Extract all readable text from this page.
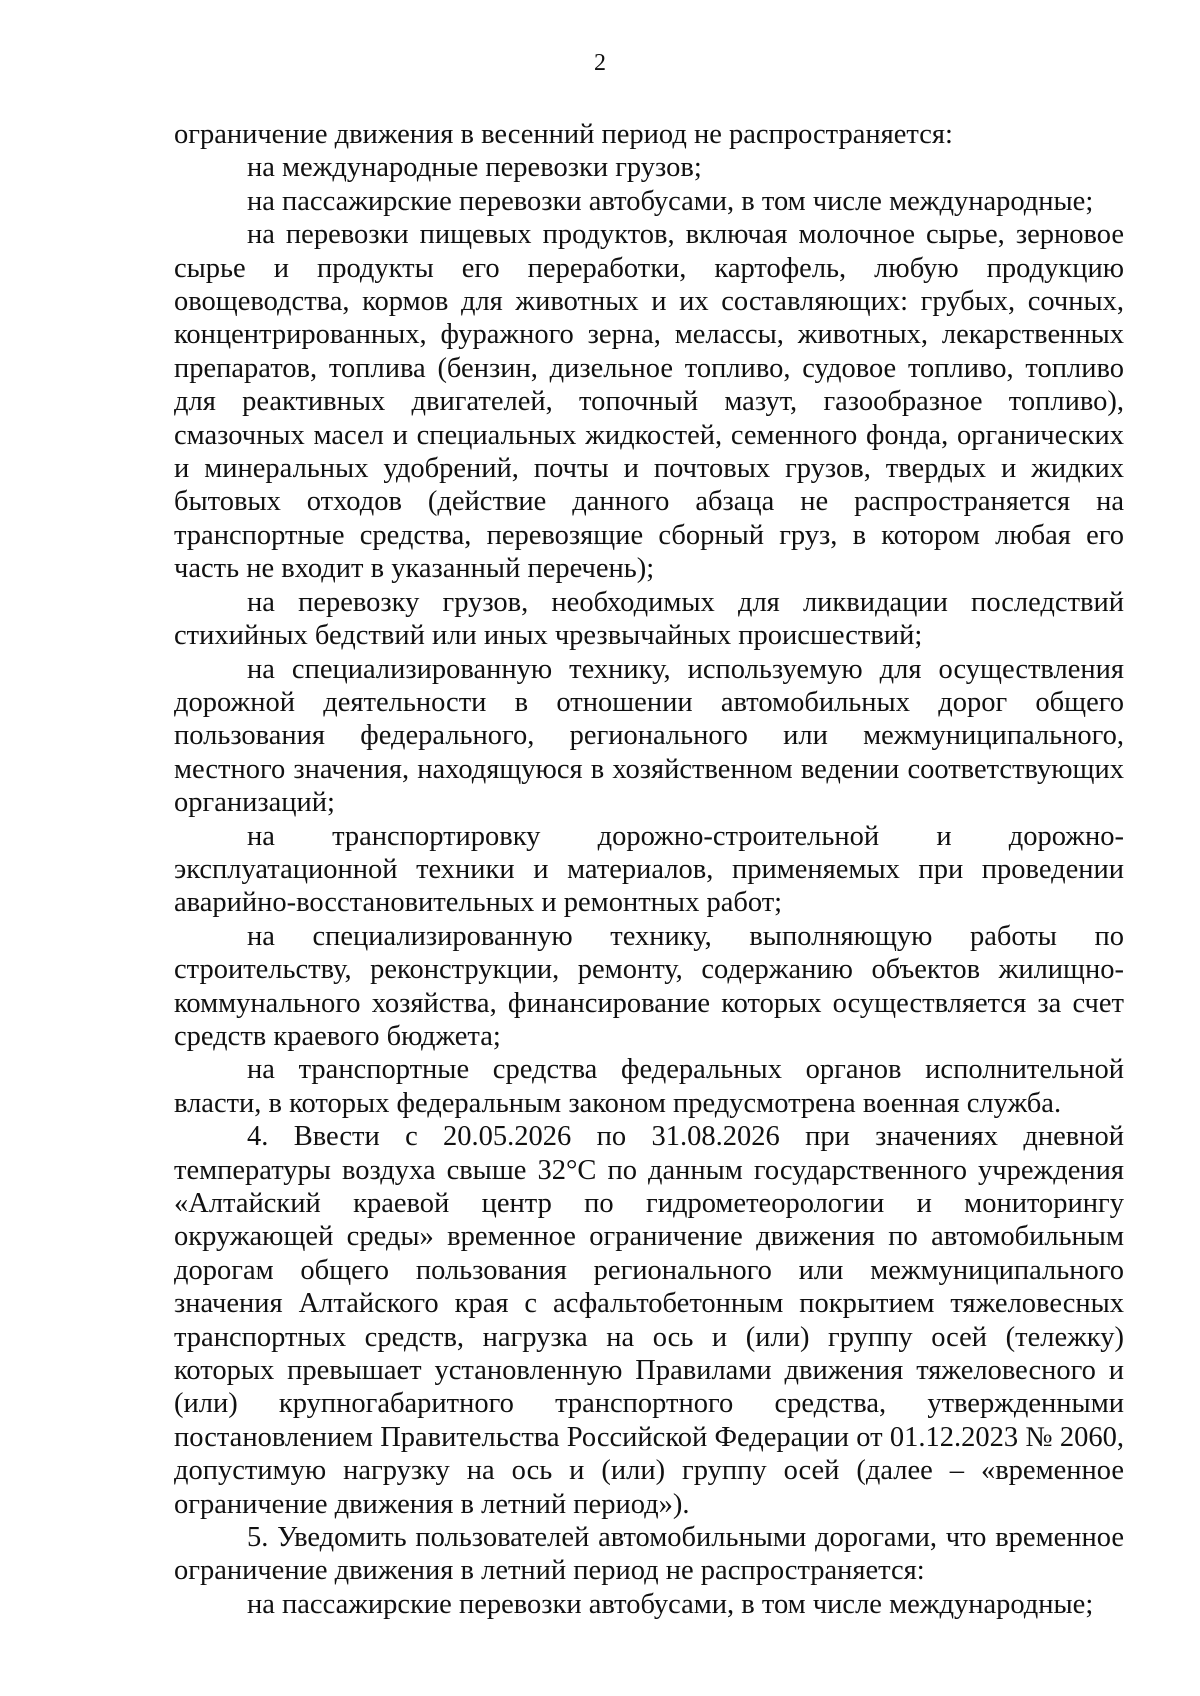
2

ограничение движения в весенний период не распространяется:

на международные перевозки грузов;

на пассажирские перевозки автобусами, в том числе международные;

на перевозки пищевых продуктов, включая молочное сырье, зерновое сырье и продукты его переработки, картофель, любую продукцию овощеводства, кормов для животных и их составляющих: грубых, сочных, концентрированных, фуражного зерна, мелассы, животных, лекарственных препаратов, топлива (бензин, дизельное топливо, судовое топливо, топливо для реактивных двигателей, топочный мазут, газообразное топливо), смазочных масел и специальных жидкостей, семенного фонда, органических и минеральных удобрений, почты и почтовых грузов, твердых и жидких бытовых отходов (действие данного абзаца не распространяется на транспортные средства, перевозящие сборный груз, в котором любая его часть не входит в указанный перечень);

на перевозку грузов, необходимых для ликвидации последствий стихийных бедствий или иных чрезвычайных происшествий;

на специализированную технику, используемую для осуществления дорожной деятельности в отношении автомобильных дорог общего пользования федерального, регионального или межмуниципального, местного значения, находящуюся в хозяйственном ведении соответствующих организаций;

на транспортировку дорожно-строительной и дорожно-эксплуатационной техники и материалов, применяемых при проведении аварийно-восстановительных и ремонтных работ;

на специализированную технику, выполняющую работы по строительству, реконструкции, ремонту, содержанию объектов жилищно-коммунального хозяйства, финансирование которых осуществляется за счет средств краевого бюджета;

на транспортные средства федеральных органов исполнительной власти, в которых федеральным законом предусмотрена военная служба.

4. Ввести с 20.05.2026 по 31.08.2026 при значениях дневной температуры воздуха свыше 32°С по данным государственного учреждения «Алтайский краевой центр по гидрометеорологии и мониторингу окружающей среды» временное ограничение движения по автомобильным дорогам общего пользования регионального или межмуниципального значения Алтайского края с асфальтобетонным покрытием тяжеловесных транспортных средств, нагрузка на ось и (или) группу осей (тележку) которых превышает установленную Правилами движения тяжеловесного и (или) крупногабаритного транспортного средства, утвержденными постановлением Правительства Российской Федерации от 01.12.2023 № 2060, допустимую нагрузку на ось и (или) группу осей (далее – «временное ограничение движения в летний период»).

5. Уведомить пользователей автомобильными дорогами, что временное ограничение движения в летний период не распространяется:

на пассажирские перевозки автобусами, в том числе международные;
